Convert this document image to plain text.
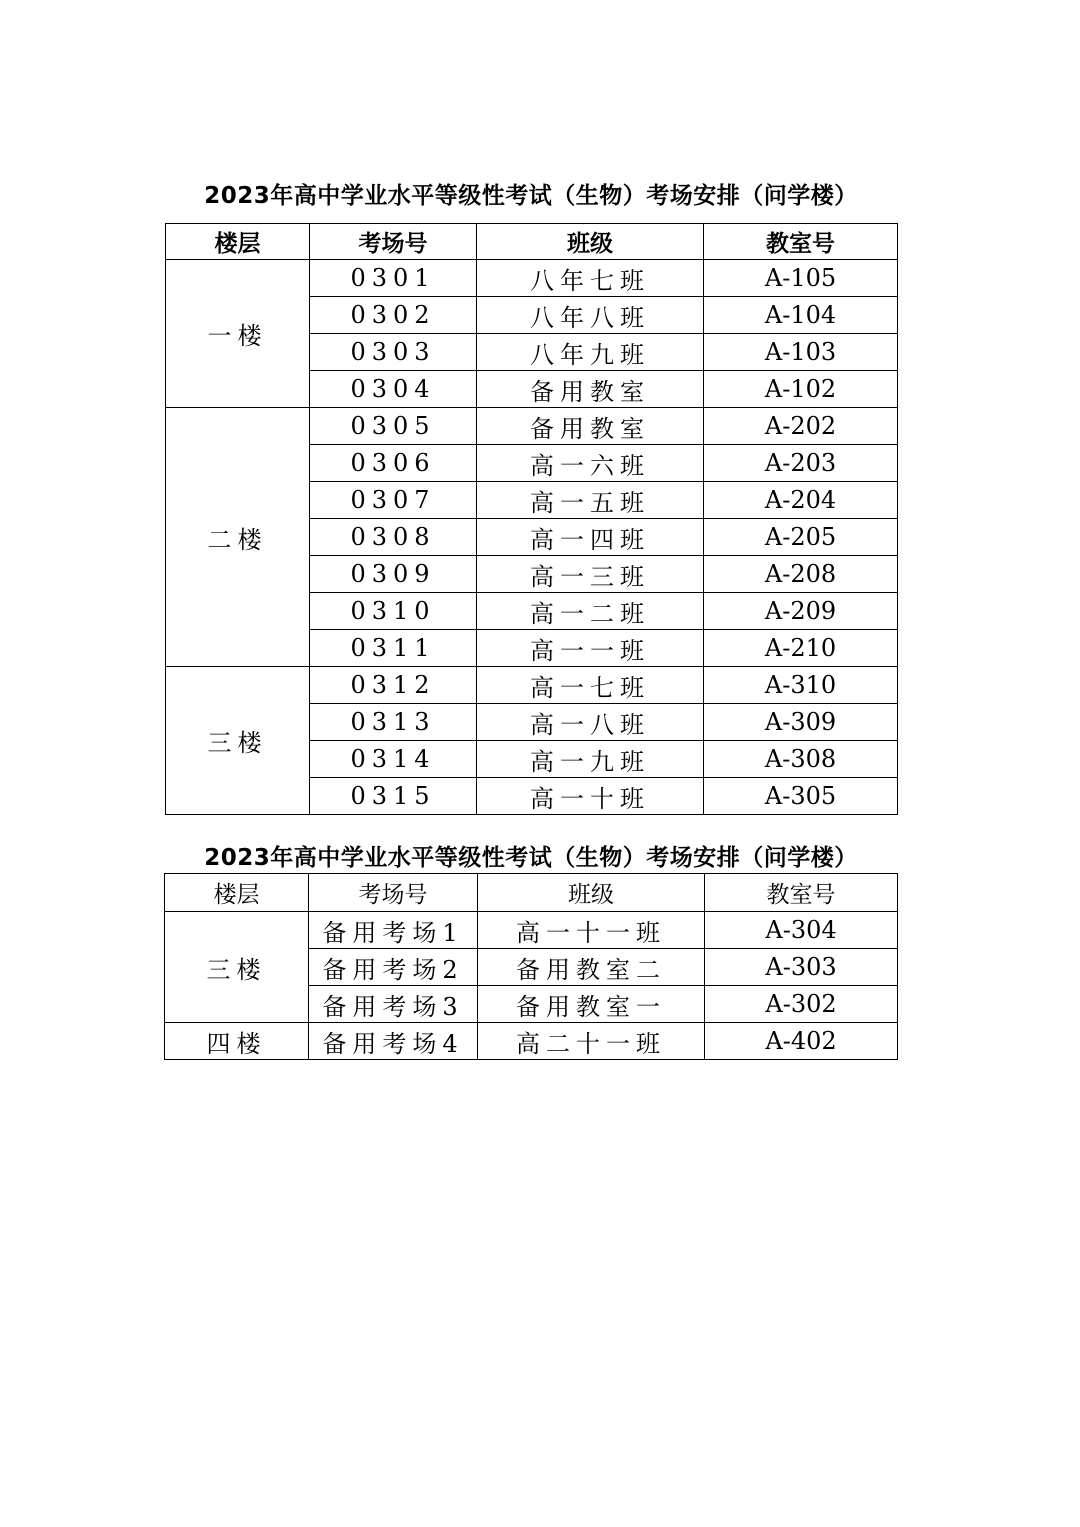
2023年高中学业水平等级性考试（生物）考场安排（问学楼）
楼层	考场号	班级	教室号
一楼	0301	八年七班	A-105
	0302	八年八班	A-104
	0303	八年九班	A-103
	0304	备用教室	A-102
二楼	0305	备用教室	A-202
	0306	高一六班	A-203
	0307	高一五班	A-204
	0308	高一四班	A-205
	0309	高一三班	A-208
	0310	高一二班	A-209
	0311	高一一班	A-210
三楼	0312	高一七班	A-310
	0313	高一八班	A-309
	0314	高一九班	A-308
	0315	高一十班	A-305
2023年高中学业水平等级性考试（生物）考场安排（问学楼）
楼层	考场号	班级	教室号
三楼	备用考场1	高一十一班	A-304
	备用考场2	备用教室二	A-303
	备用考场3	备用教室一	A-302
四楼	备用考场4	高二十一班	A-402
